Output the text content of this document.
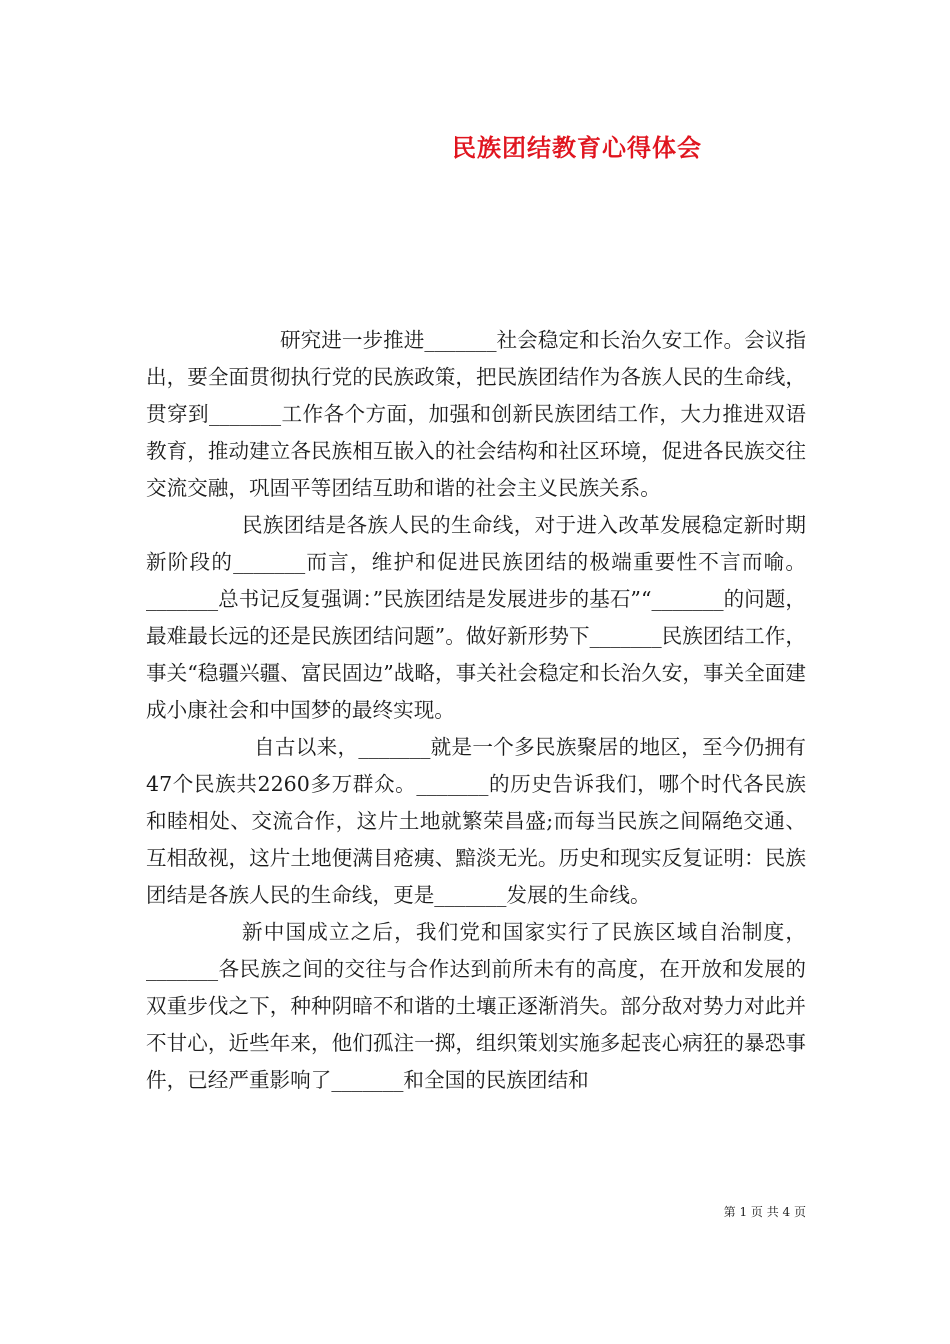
民族团结教育心得体会

研究进一步推进_______社会稳定和长治久安工作。会议指出，要全面贯彻执行党的民族政策，把民族团结作为各族人民的生命线，贯穿到_______工作各个方面，加强和创新民族团结工作，大力推进双语教育，推动建立各民族相互嵌入的社会结构和社区环境，促进各民族交往交流交融，巩固平等团结互助和谐的社会主义民族关系。

民族团结是各族人民的生命线，对于进入改革发展稳定新时期新阶段的_______而言，维护和促进民族团结的极端重要性不言而喻。_______总书记反复强调：”民族团结是发展进步的基石”“_______的问题，最难最长远的还是民族团结问题”。做好新形势下_______民族团结工作，事关“稳疆兴疆、富民固边”战略，事关社会稳定和长治久安，事关全面建成小康社会和中国梦的最终实现。

自古以来，_______就是一个多民族聚居的地区，至今仍拥有47个民族共2260多万群众。_______的历史告诉我们，哪个时代各民族和睦相处、交流合作，这片土地就繁荣昌盛;而每当民族之间隔绝交通、互相敌视，这片土地便满目疮痍、黯淡无光。历史和现实反复证明：民族团结是各族人民的生命线，更是_______发展的生命线。

新中国成立之后，我们党和国家实行了民族区域自治制度，_______各民族之间的交往与合作达到前所未有的高度，在开放和发展的双重步伐之下，种种阴暗不和谐的土壤正逐渐消失。部分敌对势力对此并不甘心，近些年来，他们孤注一掷，组织策划实施多起丧心病狂的暴恐事件，已经严重影响了_______和全国的民族团结和

第 1 页 共 4 页
